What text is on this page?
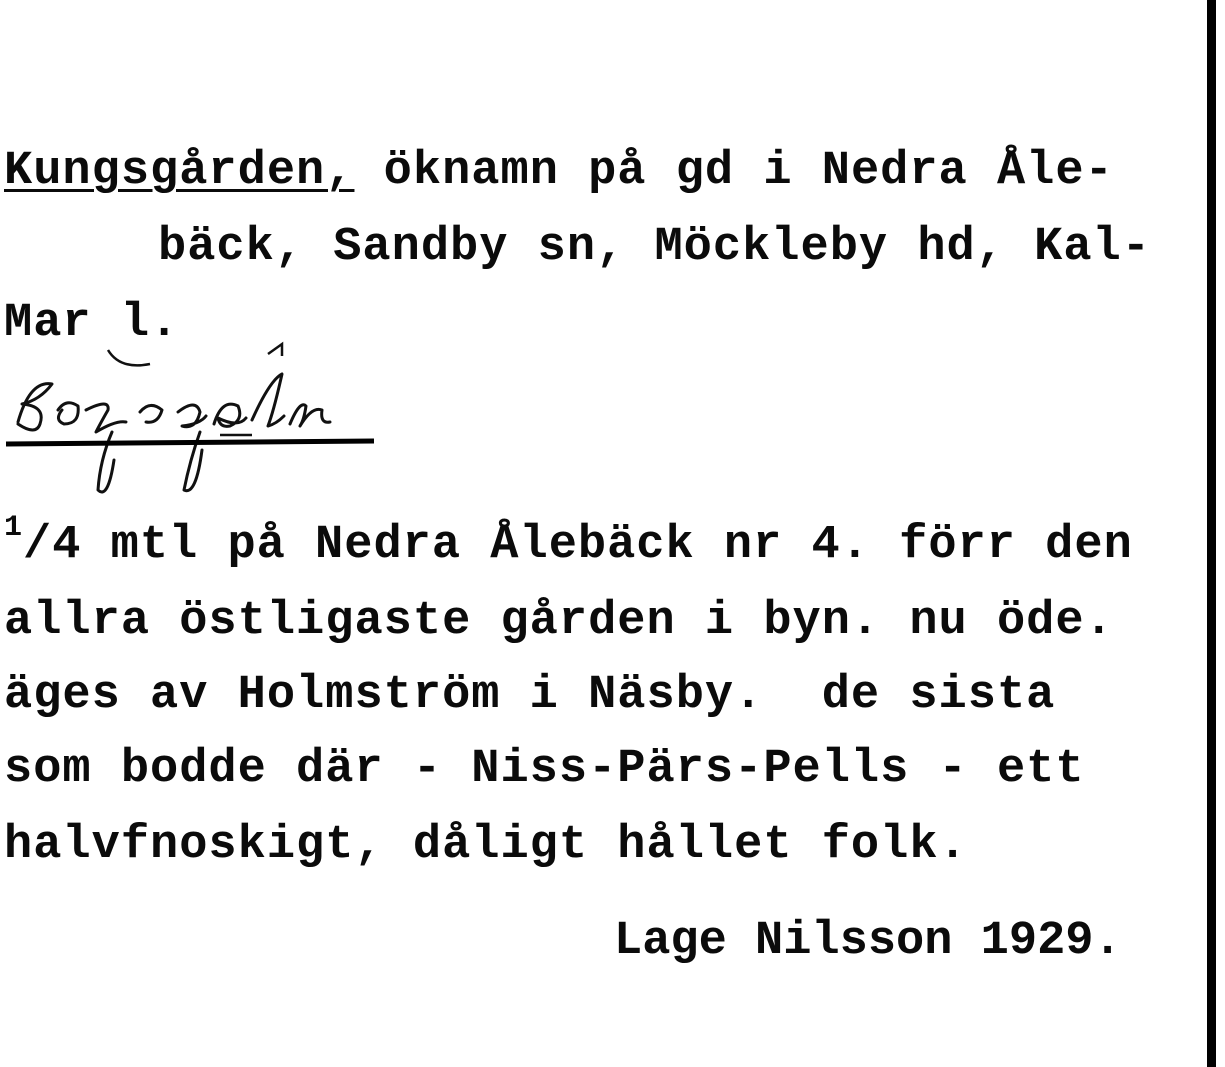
Kungsgården, öknamn på gd i Nedra Åle-
bäck, Sandby sn, Möckleby hd, Kal-
Mar l.
$^1$/4 mtl på Nedra Ålebäck nr 4. förr den
allra östligaste gården i byn. nu öde.
äges av Holmström i Näsby.  de sista
som bodde där - Niss-Pärs-Pells - ett
halvfnoskigt, dåligt hållet folk.
Lage Nilsson 1929.
